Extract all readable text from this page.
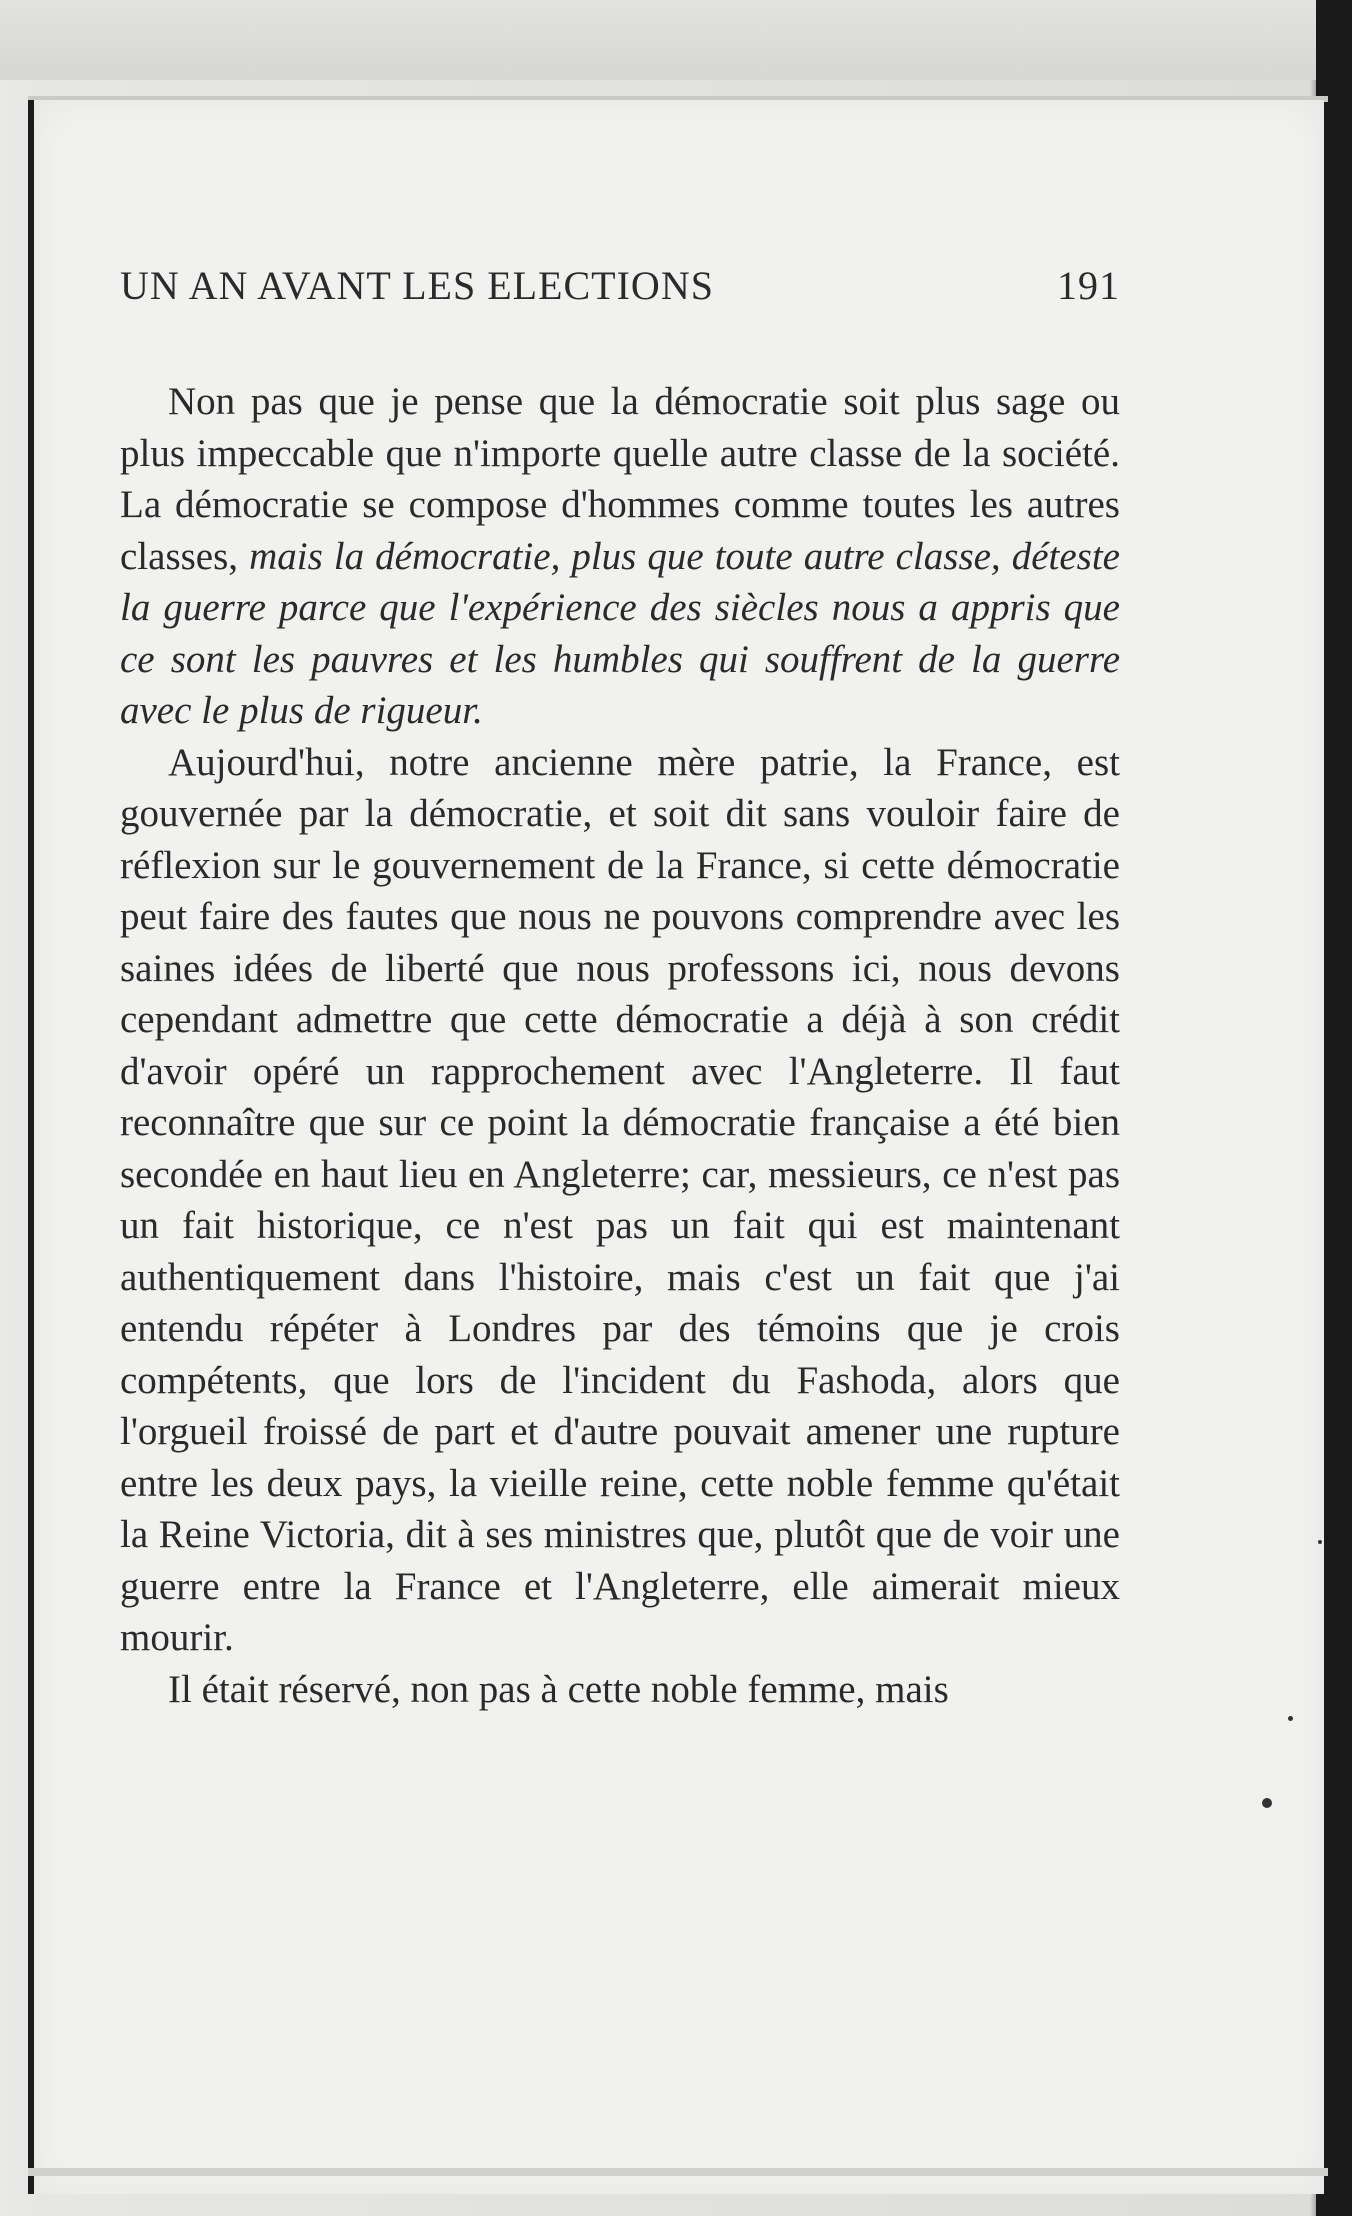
UN AN AVANT LES ELECTIONS	191

Non pas que je pense que la démocratie soit plus sage ou plus impeccable que n'importe quelle autre classe de la société. La démocratie se compose d'hommes comme toutes les autres classes, mais la démocratie, plus que toute autre classe, déteste la guerre parce que l'expérience des siècles nous a appris que ce sont les pauvres et les humbles qui souffrent de la guerre avec le plus de rigueur.

Aujourd'hui, notre ancienne mère patrie, la France, est gouvernée par la démocratie, et soit dit sans vouloir faire de réflexion sur le gouvernement de la France, si cette démocratie peut faire des fautes que nous ne pouvons comprendre avec les saines idées de liberté que nous professons ici, nous devons cependant admettre que cette démocratie a déjà à son crédit d'avoir opéré un rapprochement avec l'Angleterre. Il faut reconnaître que sur ce point la démocratie française a été bien secondée en haut lieu en Angleterre; car, messieurs, ce n'est pas un fait historique, ce n'est pas un fait qui est maintenant authentiquement dans l'histoire, mais c'est un fait que j'ai entendu répéter à Londres par des témoins que je crois compétents, que lors de l'incident du Fashoda, alors que l'orgueil froissé de part et d'autre pouvait amener une rupture entre les deux pays, la vieille reine, cette noble femme qu'était la Reine Victoria, dit à ses ministres que, plutôt que de voir une guerre entre la France et l'Angleterre, elle aimerait mieux mourir.

Il était réservé, non pas à cette noble femme, mais
